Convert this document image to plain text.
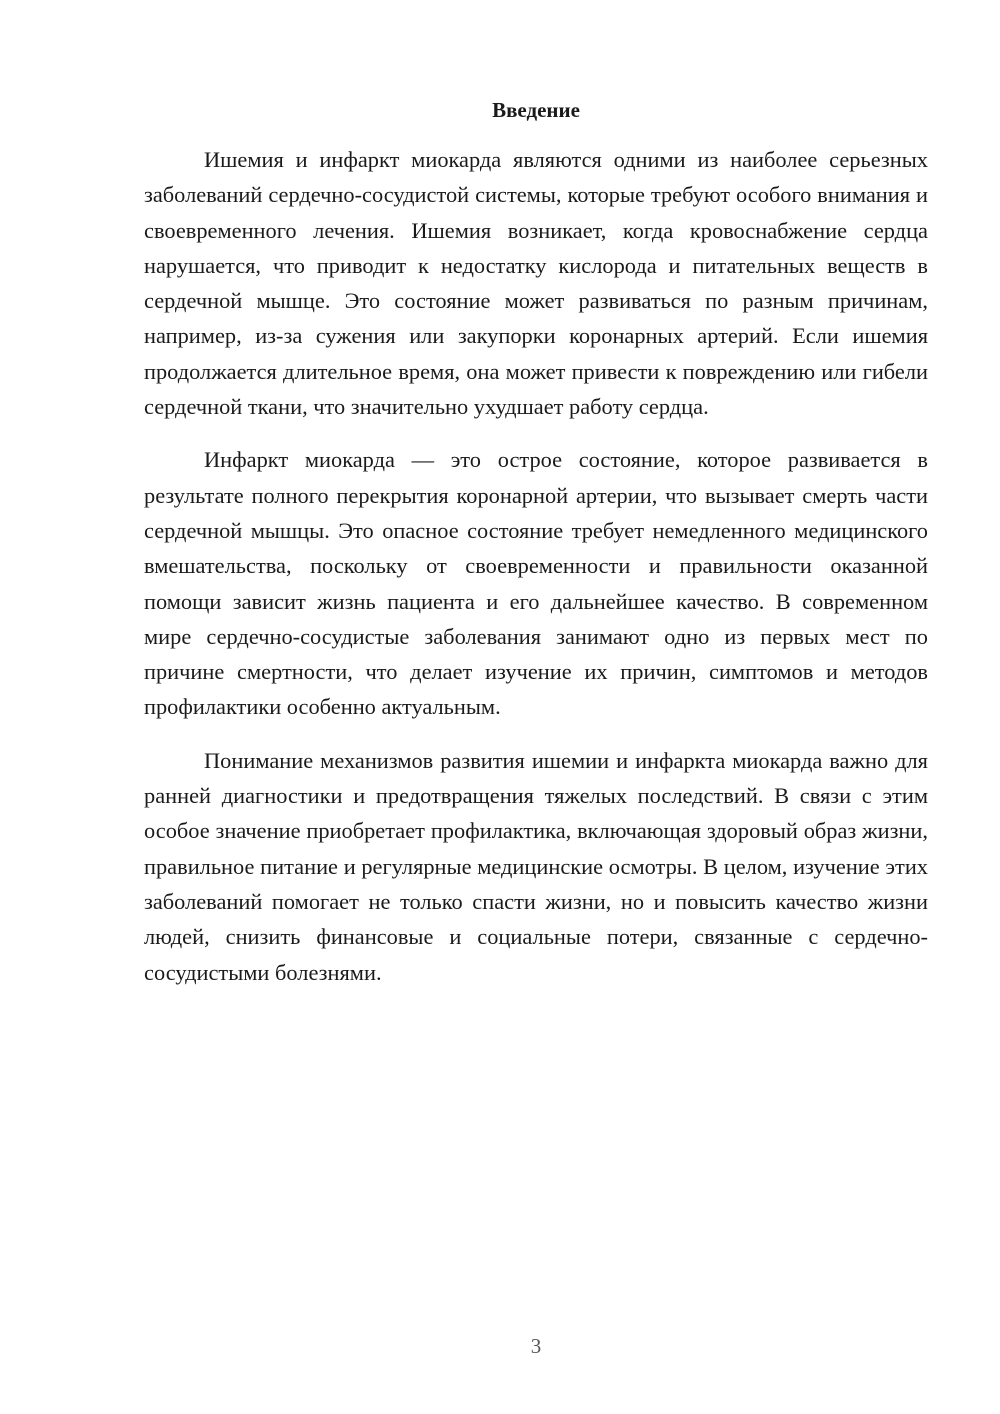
Введение

Ишемия и инфаркт миокарда являются одними из наиболее серьезных заболеваний сердечно-сосудистой системы, которые требуют особого внимания и своевременного лечения. Ишемия возникает, когда кровоснабжение сердца нарушается, что приводит к недостатку кислорода и питательных веществ в сердечной мышце. Это состояние может развиваться по разным причинам, например, из-за сужения или закупорки коронарных артерий. Если ишемия продолжается длительное время, она может привести к повреждению или гибели сердечной ткани, что значительно ухудшает работу сердца.

Инфаркт миокарда — это острое состояние, которое развивается в результате полного перекрытия коронарной артерии, что вызывает смерть части сердечной мышцы. Это опасное состояние требует немедленного медицинского вмешательства, поскольку от своевременности и правильности оказанной помощи зависит жизнь пациента и его дальнейшее качество. В современном мире сердечно-сосудистые заболевания занимают одно из первых мест по причине смертности, что делает изучение их причин, симптомов и методов профилактики особенно актуальным.

Понимание механизмов развития ишемии и инфаркта миокарда важно для ранней диагностики и предотвращения тяжелых последствий. В связи с этим особое значение приобретает профилактика, включающая здоровый образ жизни, правильное питание и регулярные медицинские осмотры. В целом, изучение этих заболеваний помогает не только спасти жизни, но и повысить качество жизни людей, снизить финансовые и социальные потери, связанные с сердечно-сосудистыми болезнями.

3
